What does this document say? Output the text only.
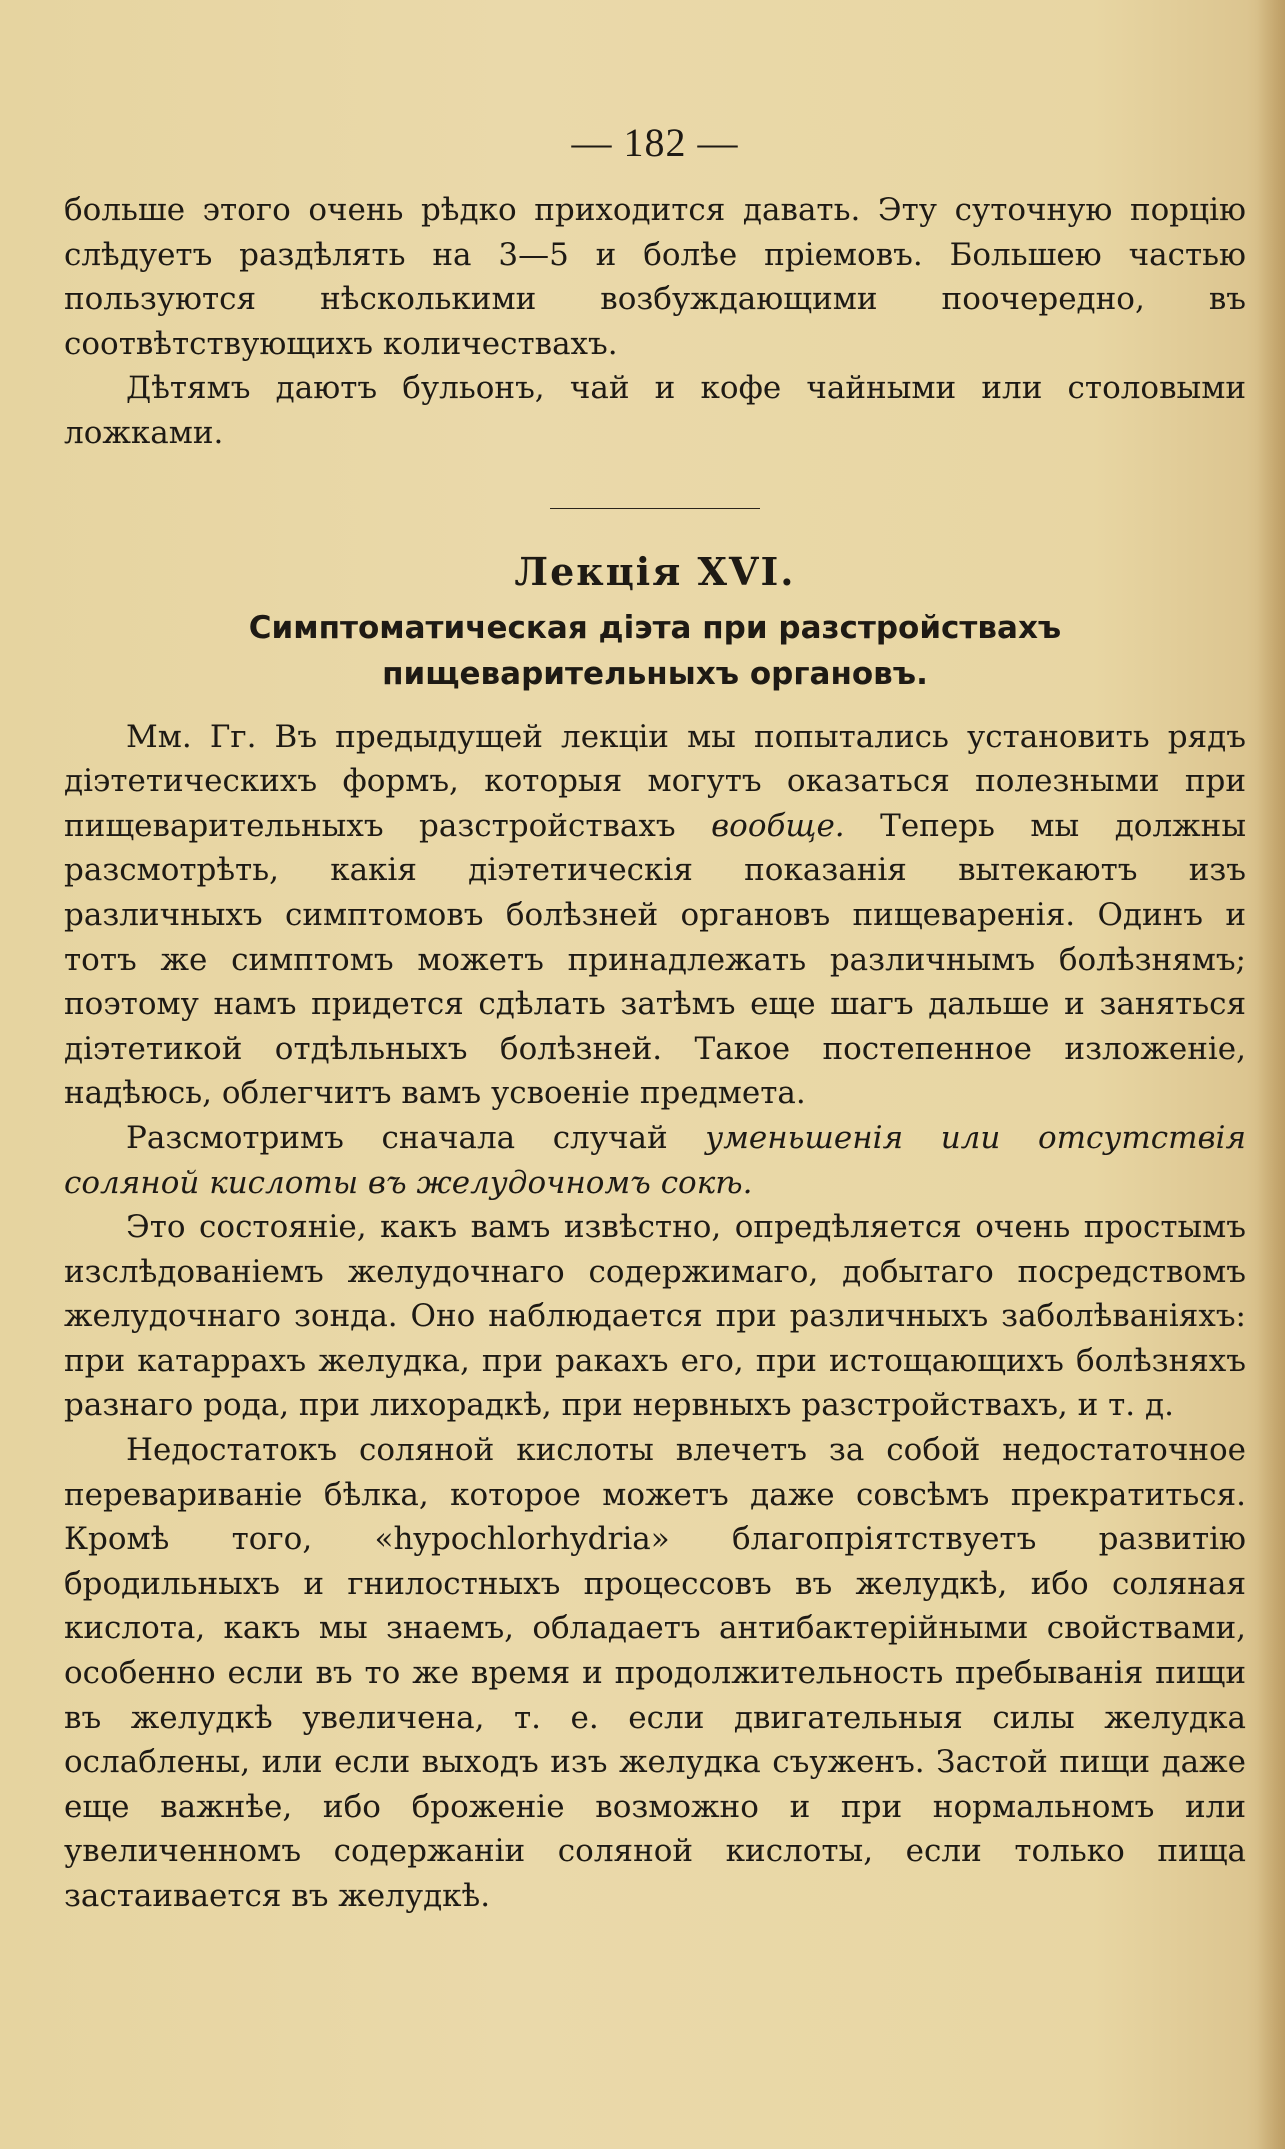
— 182 —

больше этого очень рѣдко приходится давать. Эту суточную порцію слѣдуетъ раздѣлять на 3—5 и болѣе пріемовъ. Большею частью пользуются нѣсколькими возбуждающими поочередно, въ соотвѣтствующихъ количествахъ.

Дѣтямъ даютъ бульонъ, чай и кофе чайными или столовыми ложками.

Лекція XVI.
Симптоматическая діэта при разстройствахъ пищеварительныхъ органовъ.

Мм. Гг. Въ предыдущей лекціи мы попытались установить рядъ діэтетическихъ формъ, которыя могутъ оказаться полезными при пищеварительныхъ разстройствахъ вообще. Теперь мы должны разсмотрѣть, какія діэтетическія показанія вытекаютъ изъ различныхъ симптомовъ болѣзней органовъ пищеваренія. Одинъ и тотъ же симптомъ можетъ принадлежать различнымъ болѣзнямъ; поэтому намъ придется сдѣлать затѣмъ еще шагъ дальше и заняться діэтетикой отдѣльныхъ болѣзней. Такое постепенное изложеніе, надѣюсь, облегчитъ вамъ усвоеніе предмета.

Разсмотримъ сначала случай уменьшенія или отсутствія соляной кислоты въ желудочномъ сокѣ.

Это состояніе, какъ вамъ извѣстно, опредѣляется очень простымъ изслѣдованіемъ желудочнаго содержимаго, добытаго посредствомъ желудочнаго зонда. Оно наблюдается при различныхъ заболѣваніяхъ: при катаррахъ желудка, при ракахъ его, при истощающихъ болѣзняхъ разнаго рода, при лихорадкѣ, при нервныхъ разстройствахъ, и т. д.

Недостатокъ соляной кислоты влечетъ за собой недостаточное перевариваніе бѣлка, которое можетъ даже совсѣмъ прекратиться. Кромѣ того, «hypochlorhydria» благопріятствуетъ развитію бродильныхъ и гнилостныхъ процессовъ въ желудкѣ, ибо соляная кислота, какъ мы знаемъ, обладаетъ антибактерійными свойствами, особенно если въ то же время и продолжительность пребыванія пищи въ желудкѣ увеличена, т. е. если двигательныя силы желудка ослаблены, или если выходъ изъ желудка съуженъ. Застой пищи даже еще важнѣе, ибо броженіе возможно и при нормальномъ или увеличенномъ содержаніи соляной кислоты, если только пища застаивается въ желудкѣ.
